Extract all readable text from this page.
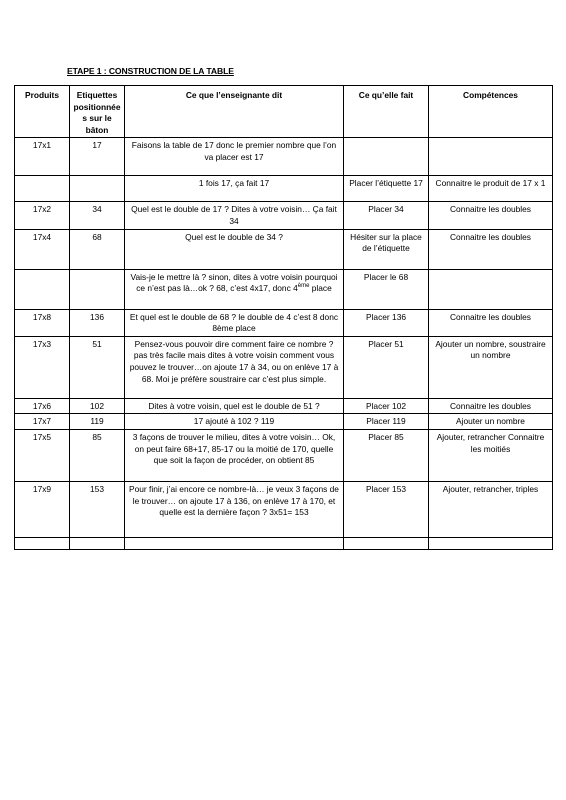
ETAPE 1 : CONSTRUCTION DE LA TABLE
Produits	Etiquettes positionnées sur le bâton	Ce que l’enseignante dit	Ce qu’elle fait	Compétences
17x1	17	Faisons la table de 17 donc le premier nombre que l’on va placer est 17		
		1 fois 17, ça fait 17	Placer l’étiquette 17	Connaitre le produit de 17 x 1
17x2	34	Quel est le double de 17 ? Dites à votre voisin… Ça fait 34	Placer 34	Connaitre les doubles
17x4	68	Quel est le double de 34 ?	Hésiter sur la place de l’étiquette	Connaitre les doubles
		Vais-je le mettre là ? sinon, dites à votre voisin pourquoi ce n’est pas là…ok ? 68, c’est 4x17, donc 4ème place	Placer le 68	
17x8	136	Et quel est le double de 68 ? le double de 4 c’est 8 donc 8ème place	Placer 136	Connaitre les doubles
17x3	51	Pensez-vous pouvoir dire comment faire ce nombre ? pas très facile mais dites à votre voisin comment vous pouvez le trouver…on ajoute 17 à 34, ou on enlève 17 à 68. Moi je préfère soustraire car c’est plus simple.	Placer 51	Ajouter un nombre, soustraire un nombre
17x6	102	Dites à votre voisin, quel est le double de 51 ?	Placer 102	Connaitre les doubles
17x7	119	17 ajouté à 102 ? 119	Placer 119	Ajouter un nombre
17x5	85	3 façons de trouver le milieu, dites à votre voisin… Ok, on peut faire 68+17, 85-17 ou la moitié de 170, quelle que soit la façon de procéder, on obtient 85	Placer 85	Ajouter, retrancher Connaitre les moitiés
17x9	153	Pour finir, j’ai encore ce nombre-là… je veux 3 façons de le trouver… on ajoute 17 à 136, on enlève 17 à 170, et quelle est la dernière façon ? 3x51= 153	Placer 153	Ajouter, retrancher, triples
